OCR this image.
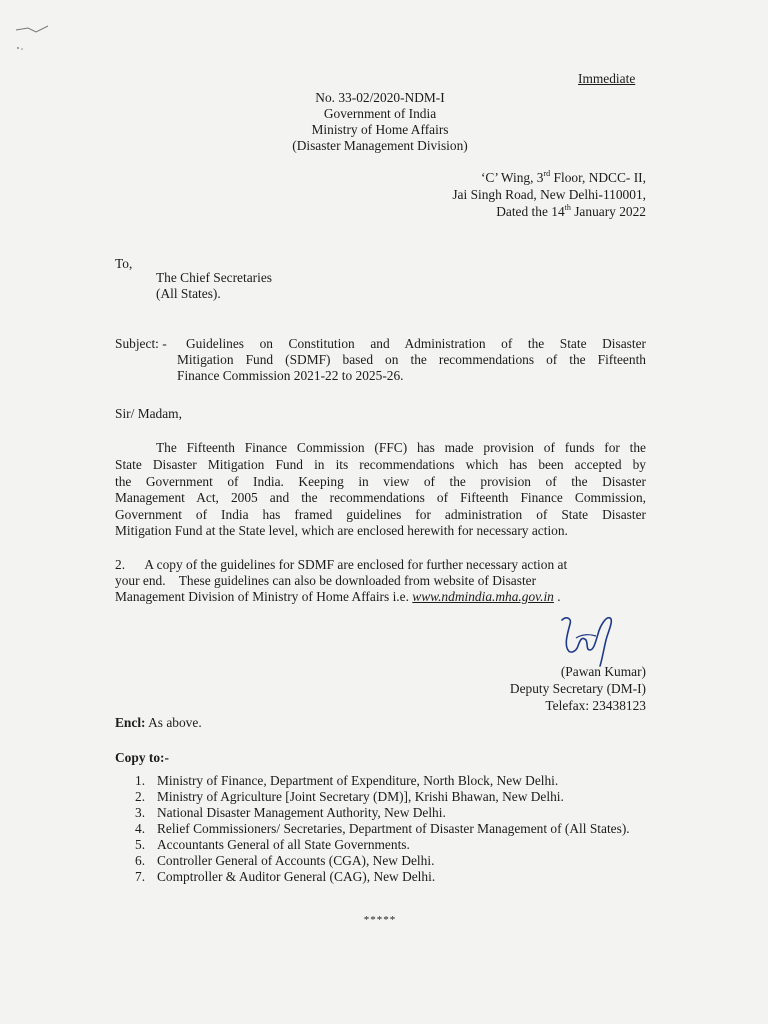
Immediate
No. 33-02/2020-NDM-I
Government of India
Ministry of Home Affairs
(Disaster Management Division)
‘C’ Wing, 3rd Floor, NDCC- II,
Jai Singh Road, New Delhi-110001,
Dated the 14th January 2022
To,
The Chief Secretaries
(All States).
Subject: - Guidelines on Constitution and Administration of the State Disaster
Mitigation Fund (SDMF) based on the recommendations of the Fifteenth
Finance Commission 2021-22 to 2025-26.
Sir/ Madam,
The Fifteenth Finance Commission (FFC) has made provision of funds for the
State Disaster Mitigation Fund in its recommendations which has been accepted by
the Government of India. Keeping in view of the provision of the Disaster
Management Act, 2005 and the recommendations of Fifteenth Finance Commission,
Government of India has framed guidelines for administration of State Disaster
Mitigation Fund at the State level, which are enclosed herewith for necessary action.
2.      A copy of the guidelines for SDMF are enclosed for further necessary action at
your end.    These guidelines can also be downloaded from website of Disaster
Management Division of Ministry of Home Affairs i.e. www.ndmindia.mha.gov.in .
(Pawan Kumar)
Deputy Secretary (DM-I)
Telefax: 23438123
Encl: As above.
Copy to:-
1. Ministry of Finance, Department of Expenditure, North Block, New Delhi.
2. Ministry of Agriculture [Joint Secretary (DM)], Krishi Bhawan, New Delhi.
3. National Disaster Management Authority, New Delhi.
4. Relief Commissioners/ Secretaries, Department of Disaster Management of (All States).
5. Accountants General of all State Governments.
6. Controller General of Accounts (CGA), New Delhi.
7. Comptroller & Auditor General (CAG), New Delhi.
*****
